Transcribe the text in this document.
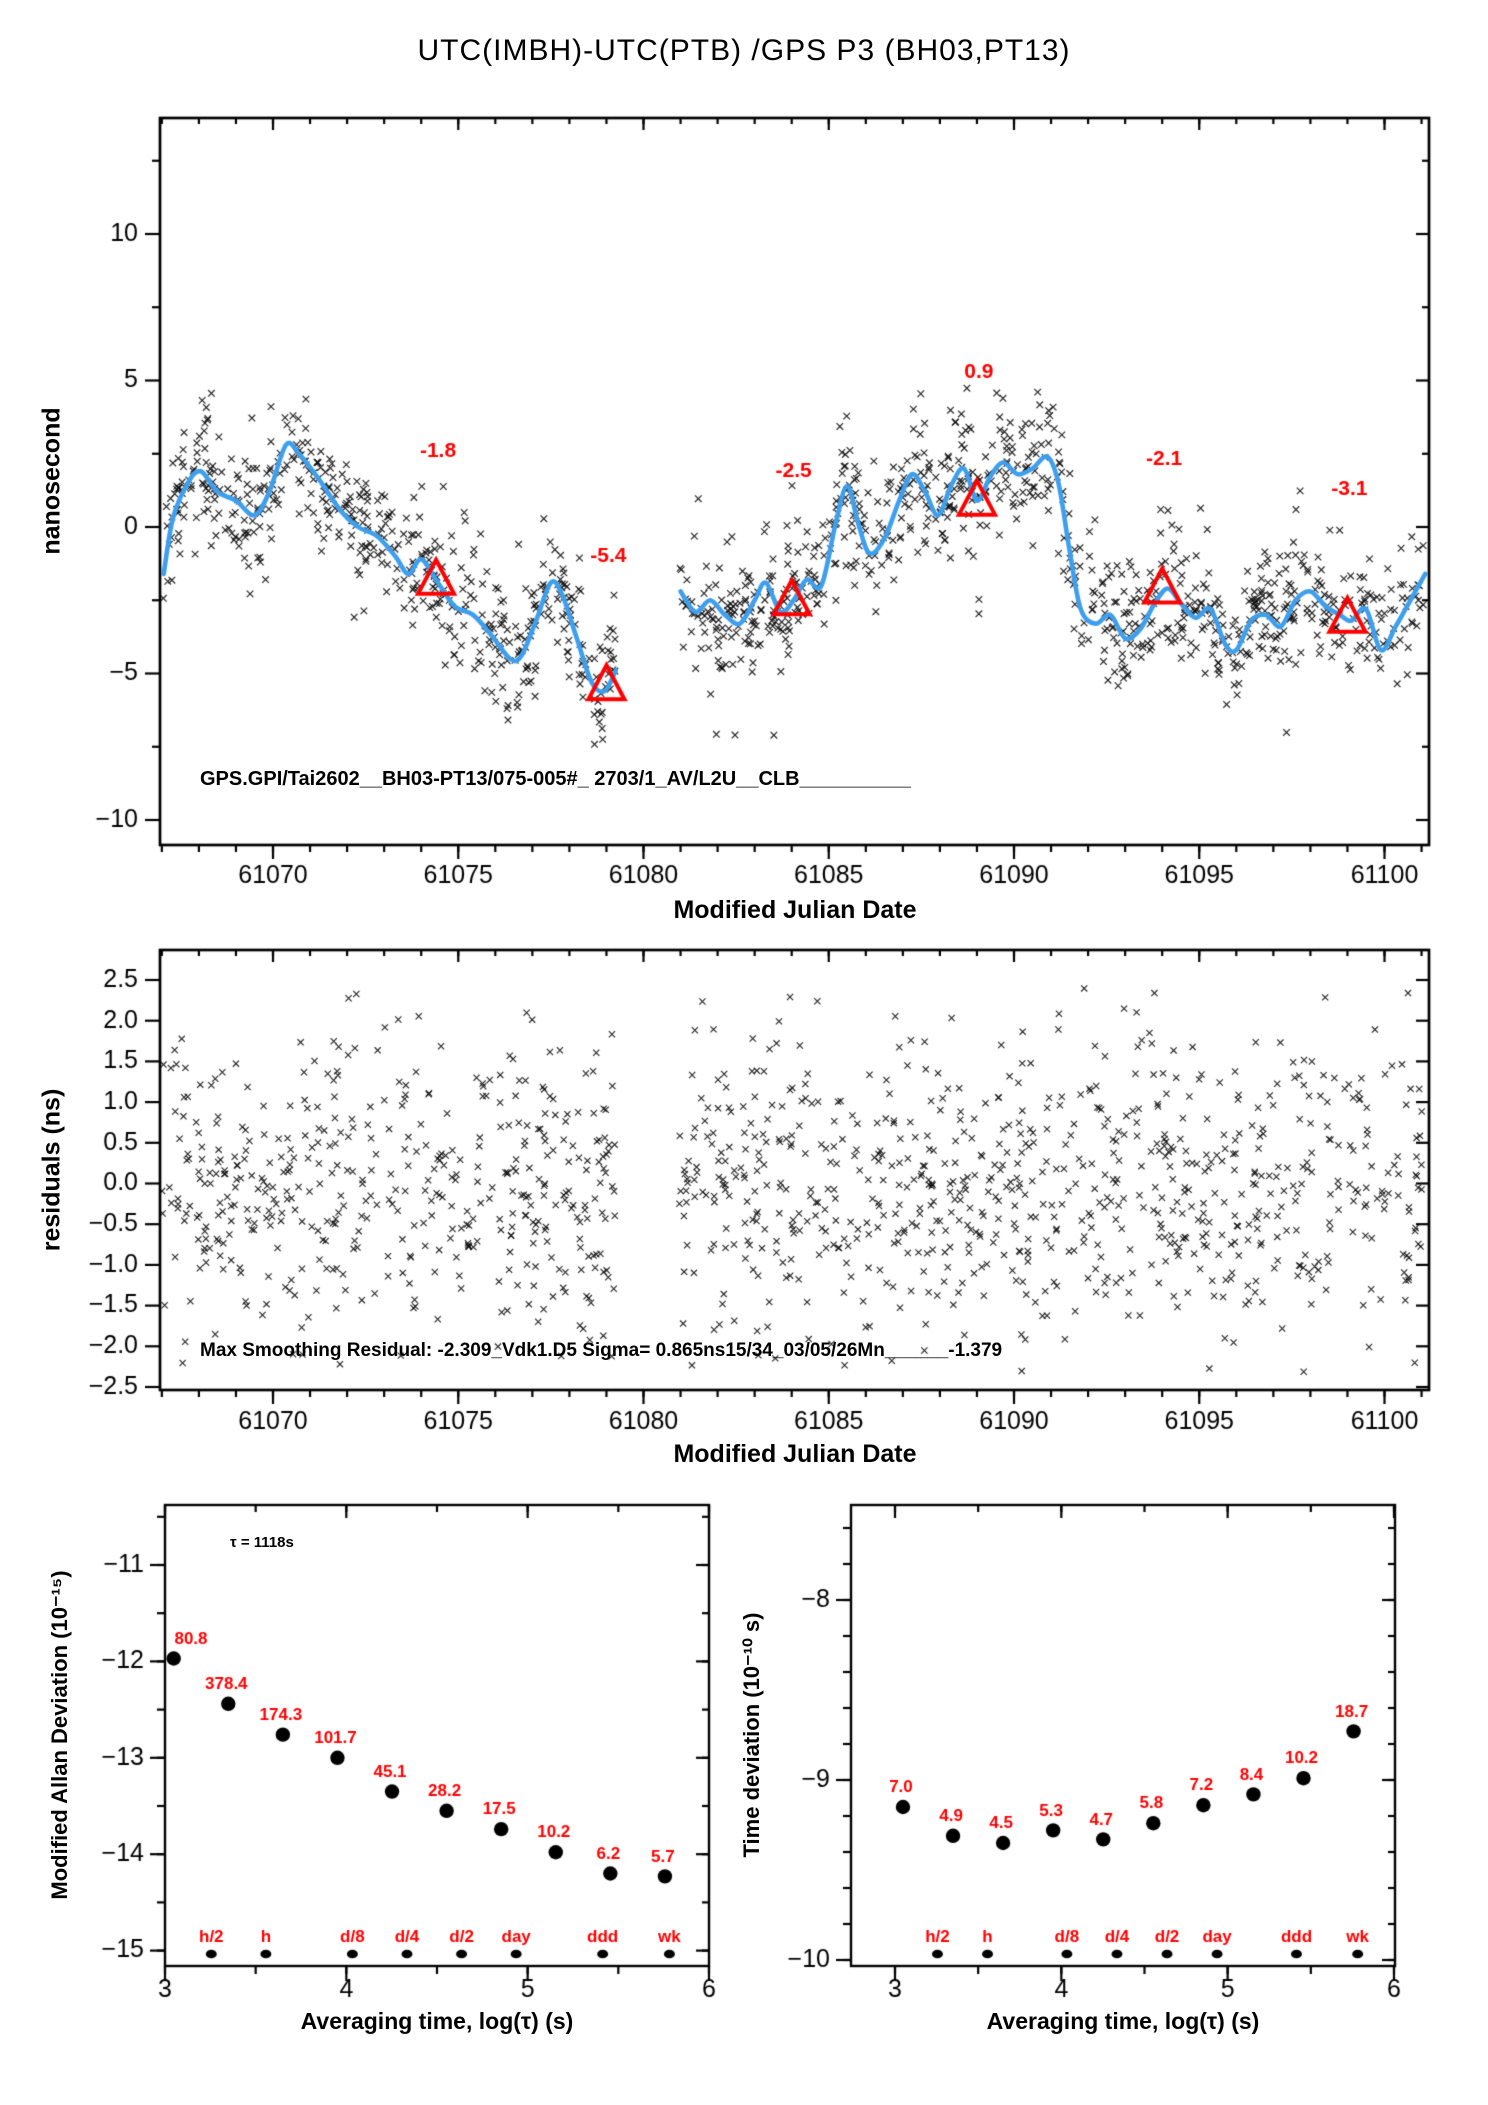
UTC(IMBH)-UTC(PTB) /GPS P3 (BH03,PT13)
nanosecond
Modified Julian Date
GPS.GPI/Tai2602__BH03-PT13/075-005#_ 2703/1_AV/L2U__CLB__________
residuals (ns)
Modified Julian Date
Max Smoothing Residual: -2.309_Vdk1.D5 Sigma= 0.865ns15/34_03/05/26Mn______-1.379
Modified Allan Deviation (10⁻¹⁵)
Averaging time, log(τ) (s)
τ = 1118s
Time deviation (10⁻¹⁰ s)
Averaging time, log(τ) (s)
